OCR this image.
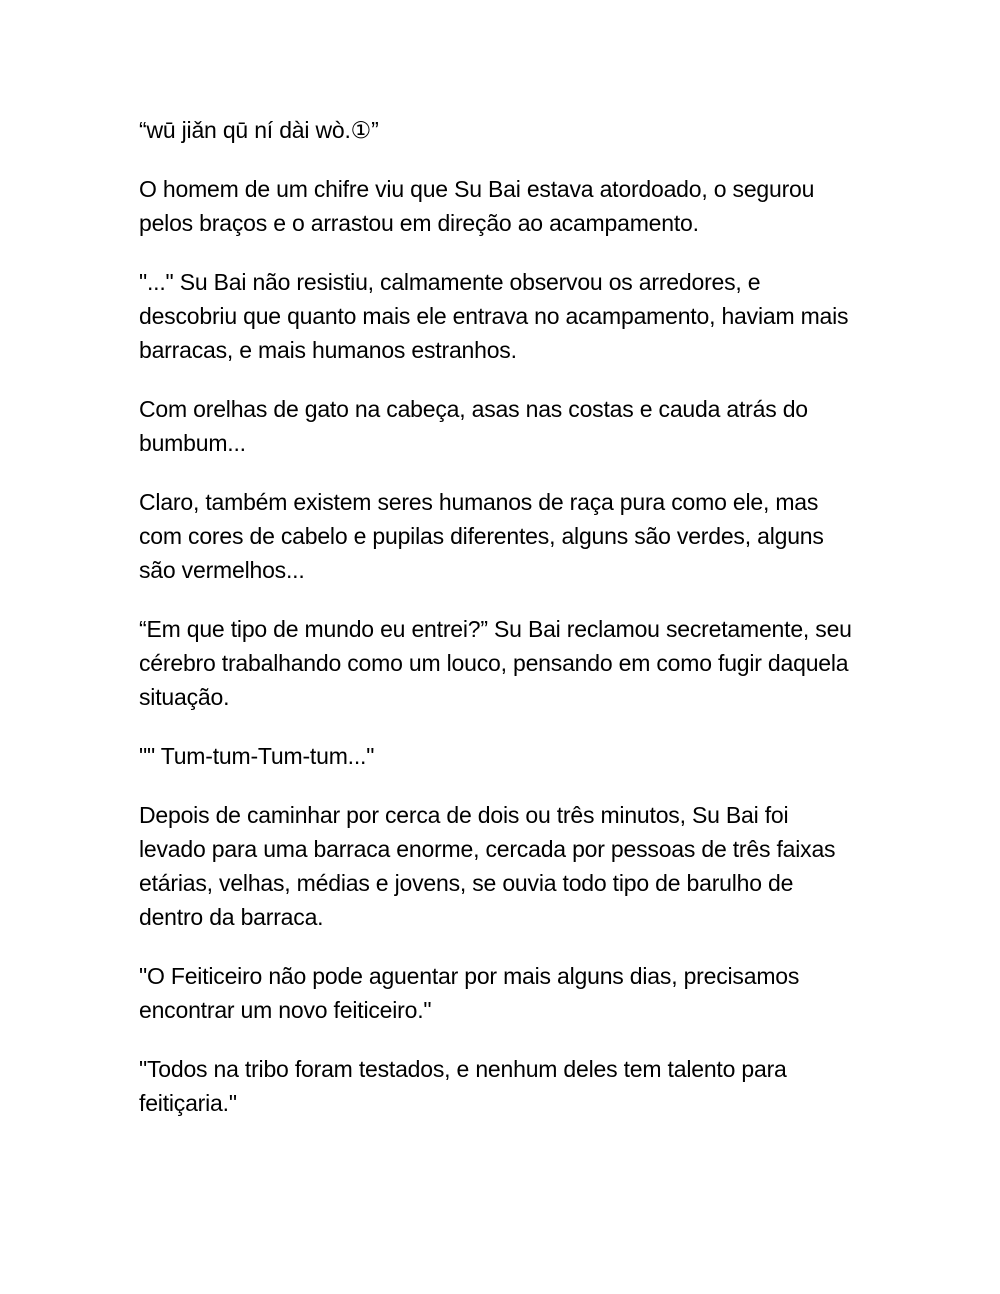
“wū jiǎn qū ní dài wò.①”

O homem de um chifre viu que Su Bai estava atordoado, o segurou pelos braços e o arrastou em direção ao acampamento.

"..." Su Bai não resistiu, calmamente observou os arredores, e descobriu que quanto mais ele entrava no acampamento, haviam mais barracas, e mais humanos estranhos.

Com orelhas de gato na cabeça, asas nas costas e cauda atrás do bumbum...

Claro, também existem seres humanos de raça pura como ele, mas com cores de cabelo e pupilas diferentes, alguns são verdes, alguns são vermelhos...

“Em que tipo de mundo eu entrei?” Su Bai reclamou secretamente, seu cérebro trabalhando como um louco, pensando em como fugir daquela situação.

"" Tum-tum-Tum-tum..."

Depois de caminhar por cerca de dois ou três minutos, Su Bai foi levado para uma barraca enorme, cercada por pessoas de três faixas etárias, velhas, médias e jovens, se ouvia todo tipo de barulho de dentro da barraca.

"O Feiticeiro não pode aguentar por mais alguns dias, precisamos encontrar um novo feiticeiro."

"Todos na tribo foram testados, e nenhum deles tem talento para feitiçaria."
